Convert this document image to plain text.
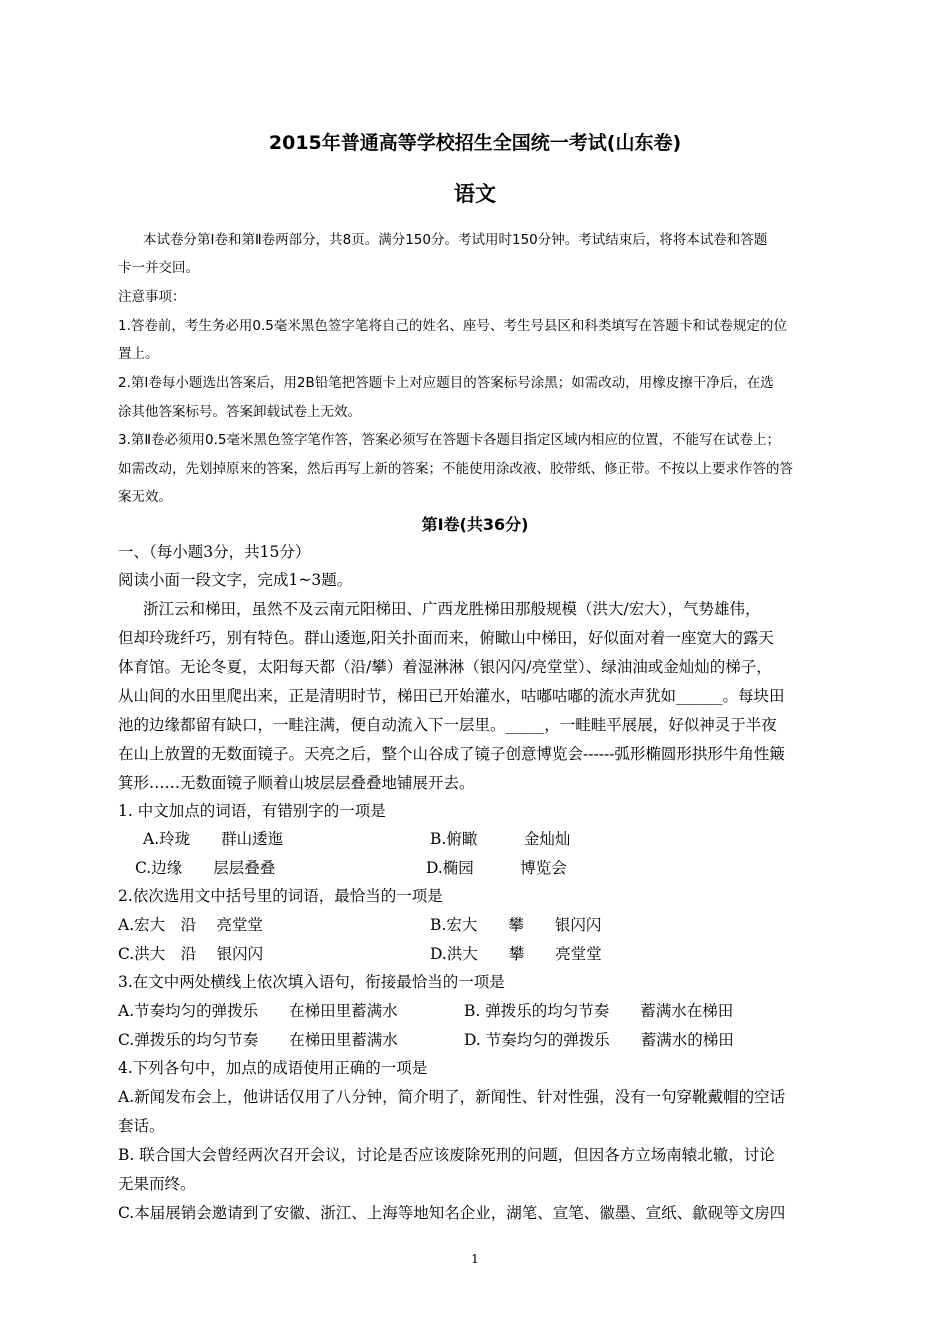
2015年普通高等学校招生全国统一考试(山东卷)
语文
本试卷分第Ⅰ卷和第Ⅱ卷两部分，共8页。满分150分。考试用时150分钟。考试结束后，将将本试卷和答题
卡一并交回。
注意事项：
1.答卷前，考生务必用0.5毫米黑色签字笔将自己的姓名、座号、考生号县区和科类填写在答题卡和试卷规定的位
置上。
2.第Ⅰ卷每小题选出答案后，用2B铅笔把答题卡上对应题目的答案标号涂黑；如需改动，用橡皮擦干净后，在选
涂其他答案标号。答案卸载试卷上无效。
3.第Ⅱ卷必须用0.5毫米黑色签字笔作答，答案必须写在答题卡各题目指定区域内相应的位置，不能写在试卷上；
如需改动，先划掉原来的答案，然后再写上新的答案；不能使用涂改液、胶带纸、修正带。不按以上要求作答的答
案无效。
第Ⅰ卷(共36分)
一、（每小题3分，共15分）
阅读小面一段文字，完成1~3题。
浙江云和梯田，虽然不及云南元阳梯田、广西龙胜梯田那般规模（洪大/宏大），气势雄伟，
但却玲珑纤巧，别有特色。群山逶迤,阳关扑面而来，俯瞰山中梯田，好似面对着一座宽大的露天
体育馆。无论冬夏，太阳每天都（沿/攀）着湿淋淋（银闪闪/亮堂堂）、绿油油或金灿灿的梯子，
从山间的水田里爬出来，正是清明时节，梯田已开始灌水，咕嘟咕嘟的流水声犹如______。每块田
池的边缘都留有缺口，一畦注满，便自动流入下一层里。_____，一畦畦平展展，好似神灵于半夜
在山上放置的无数面镜子。天亮之后，整个山谷成了镜子创意博览会------弧形椭圆形拱形牛角性簸
箕形……无数面镜子顺着山坡层层叠叠地铺展开去。
1. 中文加点的词语，有错别字的一项是
A.玲珑　　群山逶迤	B.俯瞰　　　金灿灿
C.边缘　　层层叠叠	D.椭园　　　博览会
2.依次选用文中括号里的词语，最恰当的一项是
A.宏大　沿　 亮堂堂	B.宏大　　攀　　银闪闪
C.洪大　沿　 银闪闪	D.洪大　　攀　　亮堂堂
3.在文中两处横线上依次填入语句，衔接最恰当的一项是
A.节奏均匀的弹拨乐　　在梯田里蓄满水	B. 弹拨乐的均匀节奏　　蓄满水在梯田
C.弹拨乐的均匀节奏　　在梯田里蓄满水	D. 节奏均匀的弹拨乐　　蓄满水的梯田
4.下列各句中，加点的成语使用正确的一项是
A.新闻发布会上，他讲话仅用了八分钟，简介明了，新闻性、针对性强，没有一句穿靴戴帽的空话
套话。
B. 联合国大会曾经两次召开会议，讨论是否应该废除死刑的问题，但因各方立场南辕北辙，讨论
无果而终。
C.本届展销会邀请到了安徽、浙江、上海等地知名企业，湖笔、宣笔、徽墨、宣纸、歙砚等文房四
1
